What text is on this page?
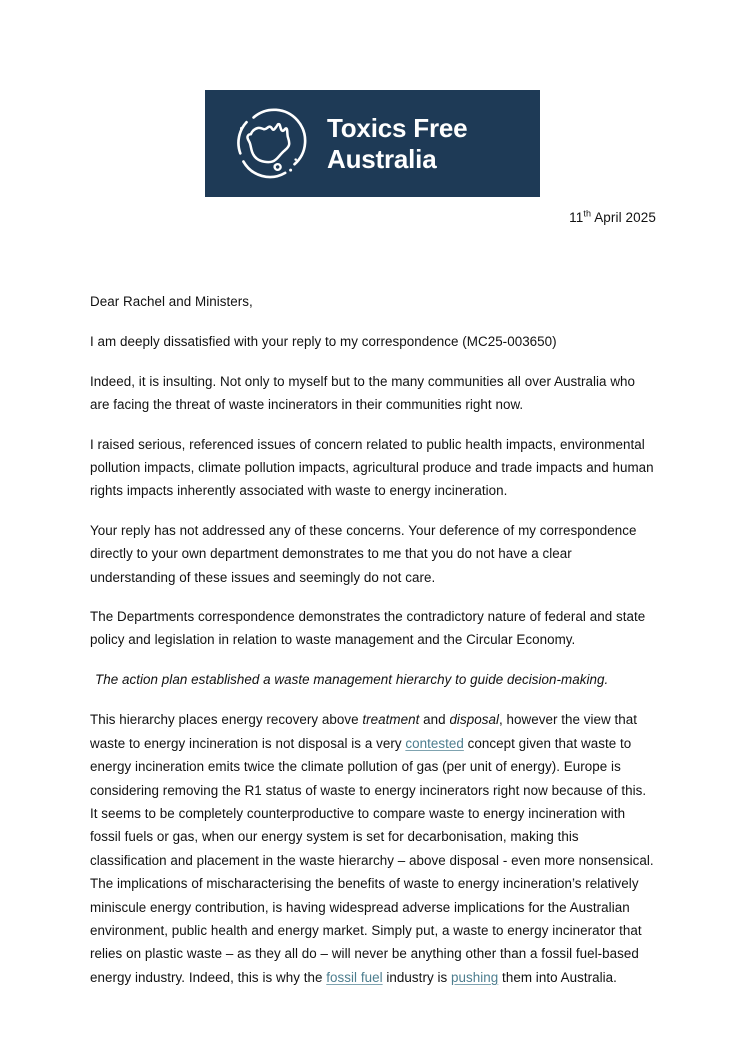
Toxics Free
Australia
11th April 2025

Dear Rachel and Ministers,

I am deeply dissatisfied with your reply to my correspondence (MC25-003650)

Indeed, it is insulting. Not only to myself but to the many communities all over Australia who are facing the threat of waste incinerators in their communities right now.

I raised serious, referenced issues of concern related to public health impacts, environmental pollution impacts, climate pollution impacts, agricultural produce and trade impacts and human rights impacts inherently associated with waste to energy incineration.

Your reply has not addressed any of these concerns. Your deference of my correspondence directly to your own department demonstrates to me that you do not have a clear understanding of these issues and seemingly do not care.

The Departments correspondence demonstrates the contradictory nature of federal and state policy and legislation in relation to waste management and the Circular Economy.

The action plan established a waste management hierarchy to guide decision-making.

This hierarchy places energy recovery above treatment and disposal, however the view that waste to energy incineration is not disposal is a very contested concept given that waste to energy incineration emits twice the climate pollution of gas (per unit of energy). Europe is considering removing the R1 status of waste to energy incinerators right now because of this. It seems to be completely counterproductive to compare waste to energy incineration with fossil fuels or gas, when our energy system is set for decarbonisation, making this classification and placement in the waste hierarchy – above disposal - even more nonsensical. The implications of mischaracterising the benefits of waste to energy incineration’s relatively miniscule energy contribution, is having widespread adverse implications for the Australian environment, public health and energy market. Simply put, a waste to energy incinerator that relies on plastic waste – as they all do – will never be anything other than a fossil fuel-based energy industry. Indeed, this is why the fossil fuel industry is pushing them into Australia.
